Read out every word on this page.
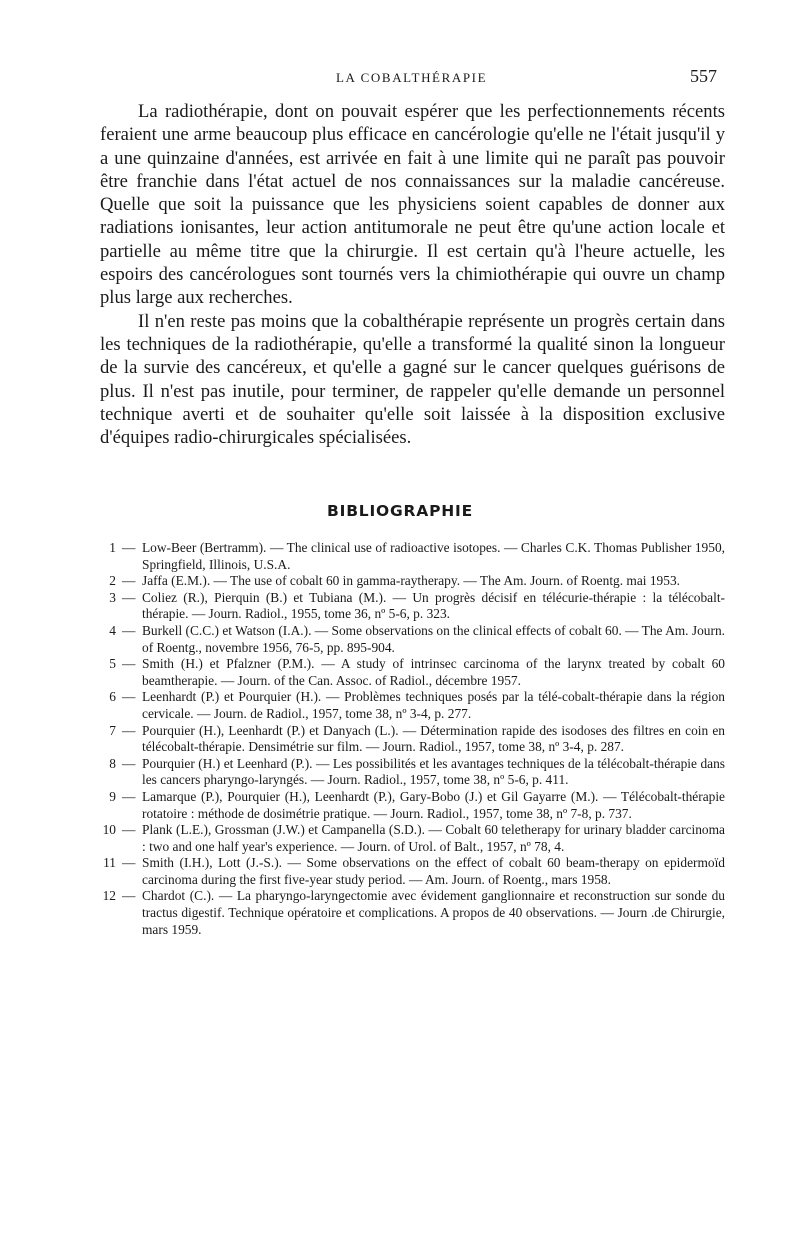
LA COBALTHÉRAPIE	557

La radiothérapie, dont on pouvait espérer que les perfectionnements récents feraient une arme beaucoup plus efficace en cancérologie qu'elle ne l'était jusqu'il y a une quinzaine d'années, est arrivée en fait à une limite qui ne paraît pas pouvoir être franchie dans l'état actuel de nos connaissances sur la maladie cancéreuse. Quelle que soit la puissance que les physiciens soient capables de donner aux radiations ionisantes, leur action antitumorale ne peut être qu'une action locale et partielle au même titre que la chirurgie. Il est certain qu'à l'heure actuelle, les espoirs des cancérologues sont tournés vers la chimiothérapie qui ouvre un champ plus large aux recherches.

Il n'en reste pas moins que la cobalthérapie représente un progrès certain dans les techniques de la radiothérapie, qu'elle a transformé la qualité sinon la longueur de la survie des cancéreux, et qu'elle a gagné sur le cancer quelques guérisons de plus. Il n'est pas inutile, pour terminer, de rappeler qu'elle demande un personnel technique averti et de souhaiter qu'elle soit laissée à la disposition exclusive d'équipes radio-chirurgicales spécialisées.

BIBLIOGRAPHIE
1 — Low-Beer (Bertramm). — The clinical use of radioactive isotopes. — Charles C.K. Thomas Publisher 1950, Springfield, Illinois, U.S.A.
2 — Jaffa (E.M.). — The use of cobalt 60 in gamma-raytherapy. — The Am. Journ. of Roentg. mai 1953.
3 — Coliez (R.), Pierquin (B.) et Tubiana (M.). — Un progrès décisif en télécurie-thérapie : la télécobalt-thérapie. — Journ. Radiol., 1955, tome 36, nº 5-6, p. 323.
4 — Burkell (C.C.) et Watson (I.A.). — Some observations on the clinical effects of cobalt 60. — The Am. Journ. of Roentg., novembre 1956, 76-5, pp. 895-904.
5 — Smith (H.) et Pfalzner (P.M.). — A study of intrinsec carcinoma of the larynx treated by cobalt 60 beamtherapie. — Journ. of the Can. Assoc. of Radiol., décembre 1957.
6 — Leenhardt (P.) et Pourquier (H.). — Problèmes techniques posés par la télé-cobalt-thérapie dans la région cervicale. — Journ. de Radiol., 1957, tome 38, nº 3-4, p. 277.
7 — Pourquier (H.), Leenhardt (P.) et Danyach (L.). — Détermination rapide des isodoses des filtres en coin en télécobalt-thérapie. Densimétrie sur film. — Journ. Radiol., 1957, tome 38, nº 3-4, p. 287.
8 — Pourquier (H.) et Leenhard (P.). — Les possibilités et les avantages techniques de la télécobalt-thérapie dans les cancers pharyngo-laryngés. — Journ. Radiol., 1957, tome 38, nº 5-6, p. 411.
9 — Lamarque (P.), Pourquier (H.), Leenhardt (P.), Gary-Bobo (J.) et Gil Gayarre (M.). — Télécobalt-thérapie rotatoire : méthode de dosimétrie pratique. — Journ. Radiol., 1957, tome 38, nº 7-8, p. 737.
10 — Plank (L.E.), Grossman (J.W.) et Campanella (S.D.). — Cobalt 60 teletherapy for urinary bladder carcinoma : two and one half year's experience. — Journ. of Urol. of Balt., 1957, nº 78, 4.
11 — Smith (I.H.), Lott (J.-S.). — Some observations on the effect of cobalt 60 beam-therapy on epidermoïd carcinoma during the first five-year study period. — Am. Journ. of Roentg., mars 1958.
12 — Chardot (C.). — La pharyngo-laryngectomie avec évidement ganglionnaire et reconstruction sur sonde du tractus digestif. Technique opératoire et complications. A propos de 40 observations. — Journ .de Chirurgie, mars 1959.
